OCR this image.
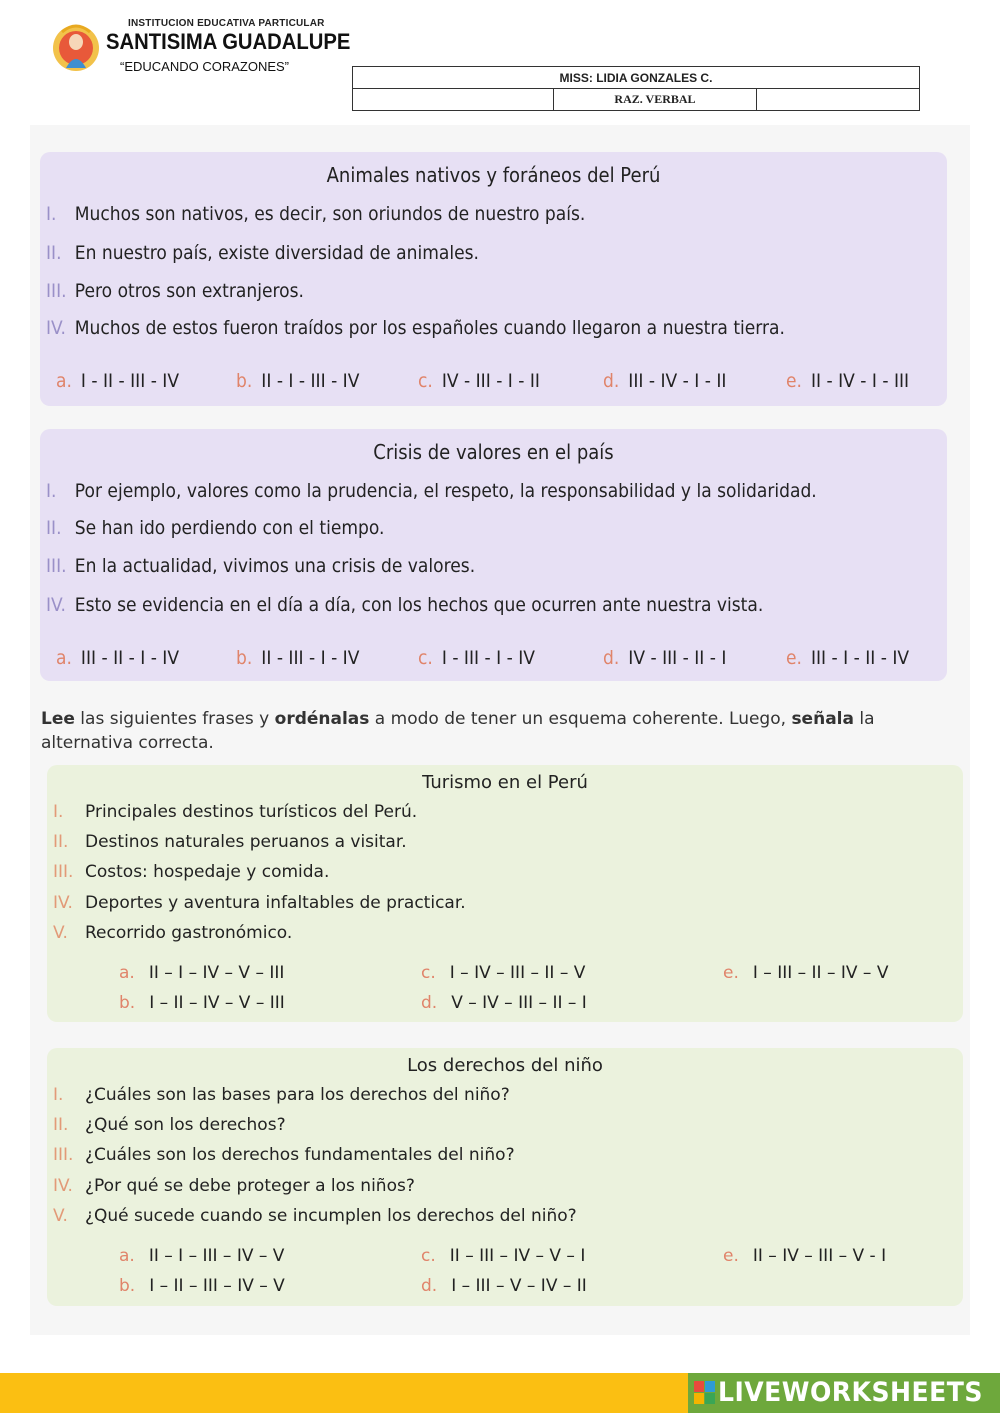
INSTITUCION EDUCATIVA PARTICULAR
SANTISIMA GUADALUPE
“EDUCANDO CORAZONES”
MISS: LIDIA GONZALES C.
	RAZ. VERBAL	
Animales nativos y foráneos del Perú
I. Muchos son nativos, es decir, son oriundos de nuestro país.
II. En nuestro país, existe diversidad de animales.
III. Pero otros son extranjeros.
IV. Muchos de estos fueron traídos por los españoles cuando llegaron a nuestra tierra.
a. I - II - III - IV	b. II - I - III - IV	c. IV - III - I - II	d. III - IV - I - II	e. II - IV - I - III
Crisis de valores en el país
I. Por ejemplo, valores como la prudencia, el respeto, la responsabilidad y la solidaridad.
II. Se han ido perdiendo con el tiempo.
III. En la actualidad, vivimos una crisis de valores.
IV. Esto se evidencia en el día a día, con los hechos que ocurren ante nuestra vista.
a. III - II - I - IV	b. II - III - I - IV	c. I - III - I - IV	d. IV - III - II - I	e. III - I - II - IV
Lee las siguientes frases y ordénalas a modo de tener un esquema coherente. Luego, señala la alternativa correcta.
Turismo en el Perú
I. Principales destinos turísticos del Perú.
II. Destinos naturales peruanos a visitar.
III. Costos: hospedaje y comida.
IV. Deportes y aventura infaltables de practicar.
V. Recorrido gastronómico.
a. II – I – IV – V – III	c. I – IV – III – II – V	e. I – III – II – IV – V
b. I – II – IV – V – III	d. V – IV – III – II – I
Los derechos del niño
I. ¿Cuáles son las bases para los derechos del niño?
II. ¿Qué son los derechos?
III. ¿Cuáles son los derechos fundamentales del niño?
IV. ¿Por qué se debe proteger a los niños?
V. ¿Qué sucede cuando se incumplen los derechos del niño?
a. II – I – III – IV – V	c. II – III – IV – V – I	e. II – IV – III – V - I
b. I – II – III – IV – V	d. I – III – V – IV – II
LIVEWORKSHEETS
